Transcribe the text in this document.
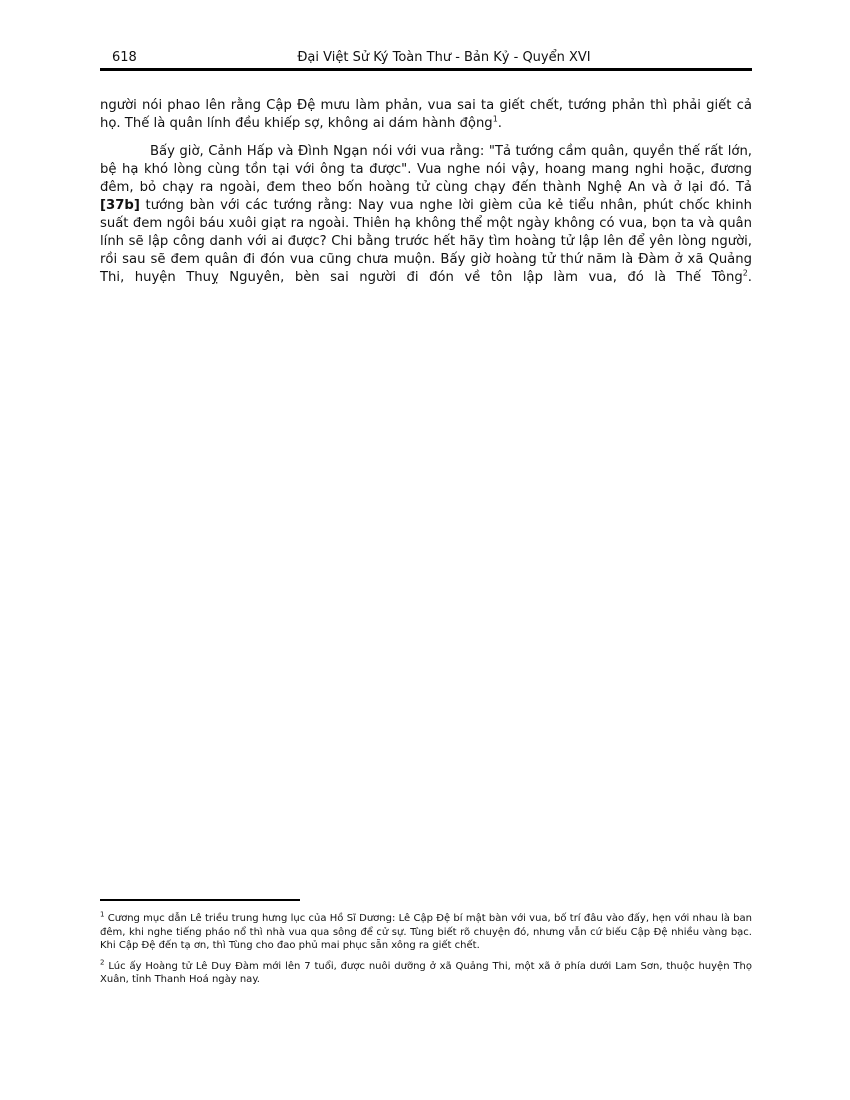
618	Đại Việt Sử Ký Toàn Thư - Bản Kỷ - Quyển XVI

người nói phao lên rằng Cập Đệ mưu làm phản, vua sai ta giết chết, tướng phản thì phải giết cả họ. Thế là quân lính đều khiếp sợ, không ai dám hành động$^1$.

Bấy giờ, Cảnh Hấp và Đình Ngạn nói với vua rằng: "Tả tướng cầm quân, quyền thế rất lớn, bệ hạ khó lòng cùng tồn tại với ông ta được". Vua nghe nói vậy, hoang mang nghi hoặc, đương đêm, bỏ chạy ra ngoài, đem theo bốn hoàng tử cùng chạy đến thành Nghệ An và ở lại đó. Tả [37b] tướng bàn với các tướng rằng: Nay vua nghe lời gièm của kẻ tiểu nhân, phút chốc khinh suất đem ngôi báu xuôi giạt ra ngoài. Thiên hạ không thể một ngày không có vua, bọn ta và quân lính sẽ lập công danh với ai được? Chi bằng trước hết hãy tìm hoàng tử lập lên để yên lòng người, rồi sau sẽ đem quân đi đón vua cũng chưa muộn. Bấy giờ hoàng tử thứ năm là Đàm ở xã Quảng Thi, huyện Thuỵ Nguyên, bèn sai người đi đón về tôn lập làm vua, đó là Thế Tông$^2$.

$^1$ Cương mục dẫn Lê triều trung hưng lục của Hồ Sĩ Dương: Lê Cập Đệ bí mật bàn với vua, bố trí đâu vào đấy, hẹn với nhau là ban đêm, khi nghe tiếng pháo nổ thì nhà vua qua sông để cử sự. Tùng biết rõ chuyện đó, nhưng vẫn cứ biếu Cập Đệ nhiều vàng bạc. Khi Cập Đệ đến tạ ơn, thì Tùng cho đao phủ mai phục sẵn xông ra giết chết.

$^2$ Lúc ấy Hoàng tử Lê Duy Đàm mới lên 7 tuổi, được nuôi dưỡng ở xã Quảng Thi, một xã ở phía dưới Lam Sơn, thuộc huyện Thọ Xuân, tỉnh Thanh Hoá ngày nay.
